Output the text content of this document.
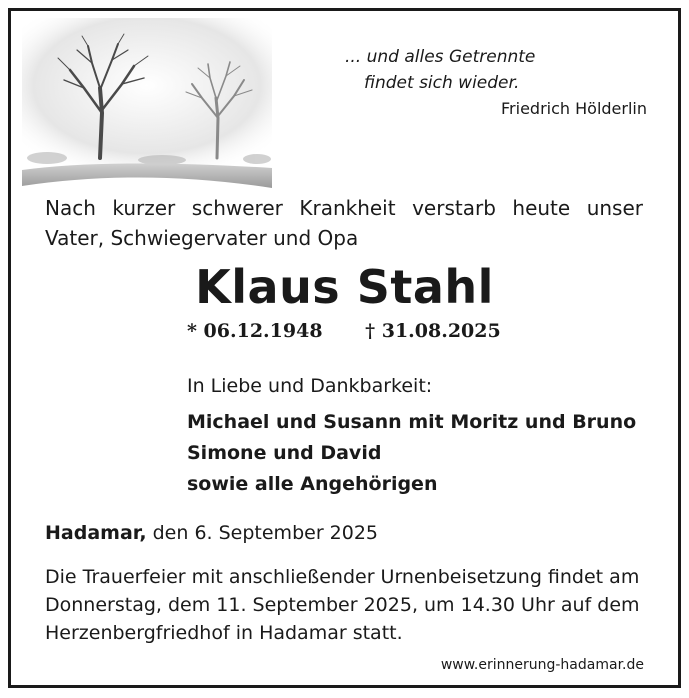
... und alles Getrennte
findet sich wieder.
Friedrich Hölderlin
Nach kurzer schwerer Krankheit verstarb heute unser Vater, Schwiegervater und Opa
Klaus Stahl
* 06.12.1948 † 31.08.2025
In Liebe und Dankbarkeit:
Michael und Susann mit Moritz und Bruno
Simone und David
sowie alle Angehörigen
Hadamar, den 6. September 2025
Die Trauerfeier mit anschließender Urnenbeisetzung findet am Donnerstag, dem 11. September 2025, um 14.30 Uhr auf dem Herzenbergfriedhof in Hadamar statt.
www.erinnerung-hadamar.de
